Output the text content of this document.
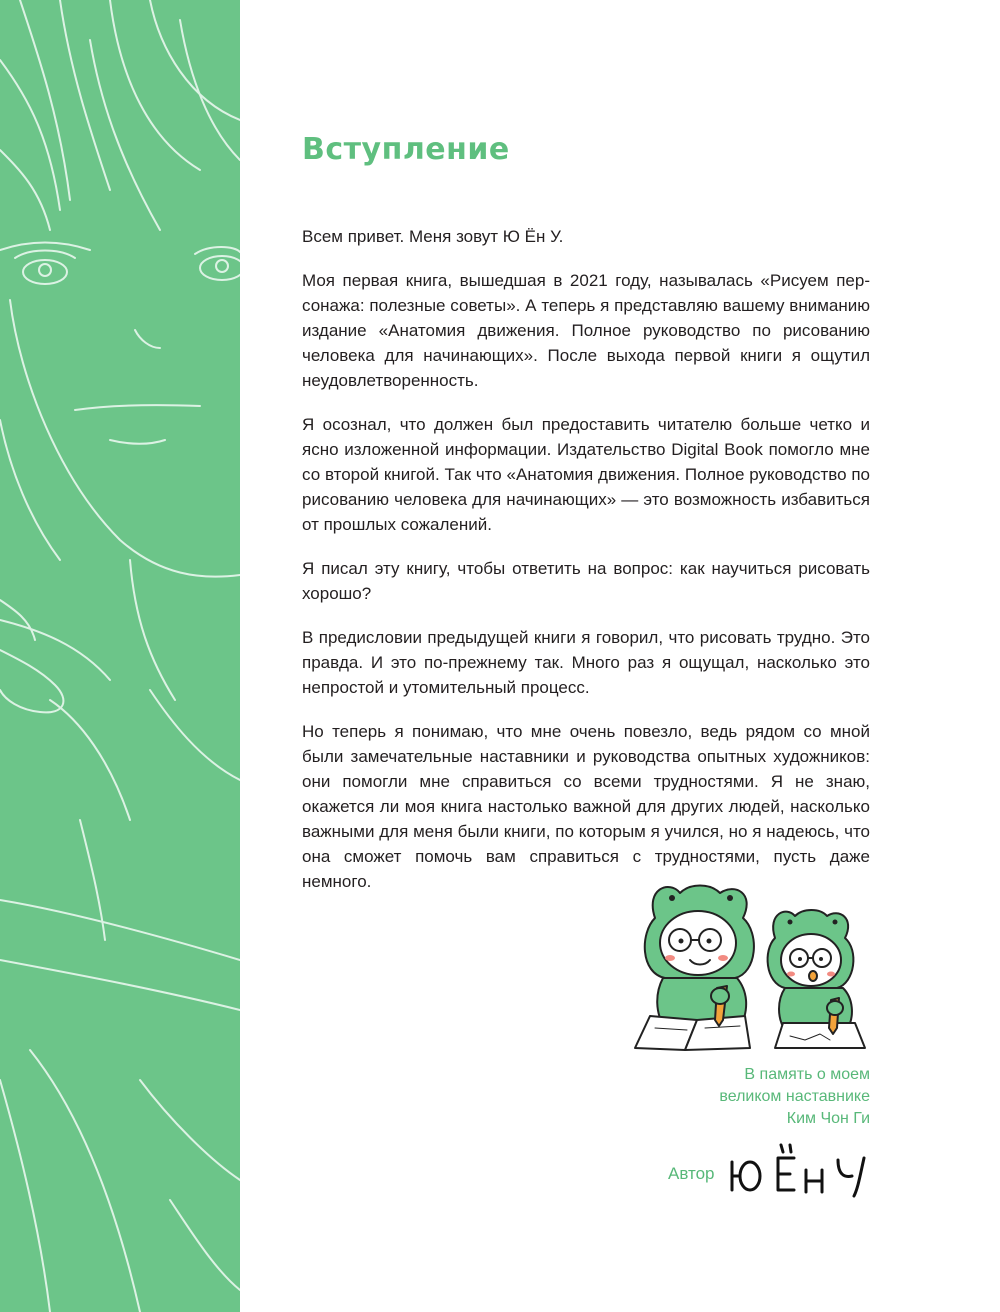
Вступление

Всем привет. Меня зовут Ю Ён У.

Моя первая книга, вышедшая в 2021 году, называлась «Рисуем персонажа: полезные советы». А теперь я представляю вашему вниманию издание «Анатомия движения. Полное руководство по рисованию человека для начинающих». После выхода первой книги я ощутил неудовлетворенность.

Я осознал, что должен был предоставить читателю больше четко и ясно изложенной информации. Издательство Digital Book помогло мне со второй книгой. Так что «Анатомия движения. Полное руководство по рисованию человека для начинающих» — это возможность избавиться от прошлых сожалений.

Я писал эту книгу, чтобы ответить на вопрос: как научиться рисовать хорошо?

В предисловии предыдущей книги я говорил, что рисовать трудно. Это правда. И это по-прежнему так. Много раз я ощущал, насколько это непростой и утомительный процесс.

Но теперь я понимаю, что мне очень повезло, ведь рядом со мной были замечательные наставники и руководства опытных художников: они помогли мне справиться со всеми трудностями. Я не знаю, окажется ли моя книга настолько важной для других людей, насколько важными для меня были книги, по которым я учился, но я надеюсь, что она сможет помочь вам справиться с трудностями, пусть даже немного.

В память о моем
великом наставнике
Ким Чон Ги
Автор
